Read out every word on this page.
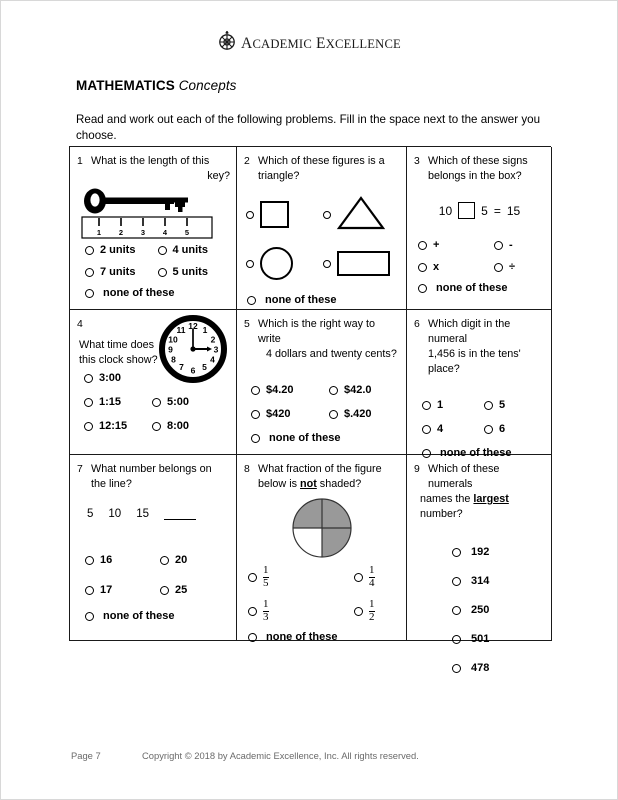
ACADEMIC EXCELLENCE
MATHEMATICS Concepts
Read and work out each of the following problems. Fill in the space next to the answer you choose.
1 What is the length of this
key?
1 2 3 4 5
2 units	4 units
7 units	5 units
none of these
2 Which of these figures is a
triangle?
none of these
3 Which of these signs
belongs in the box?
10 5 = 15
+	-
x	÷
none of these
4
What time does
this clock show?
12 1
2
3
4
5
6
7
8
9
10
11
3:00
1:15	5:00
12:15	8:00
5 Which is the right way to write
4 dollars and twenty cents?
$4.20	$42.0
$420	$.420
none of these
6 Which digit in the numeral
1,456 is in the tens' place?
1	5
4	6
none of these
7 What number belongs on
the line?
5 10 15
16	20
17	25
none of these
8 What fraction of the figure
below is not shaded?
$\frac{1}{5}$	$\frac{1}{4}$
$\frac{1}{3}$	$\frac{1}{2}$
none of these
9 Which of these numerals
names the largest number?
192
314
250
501
478
Page 7	Copyright © 2018 by Academic Excellence, Inc. All rights reserved.
